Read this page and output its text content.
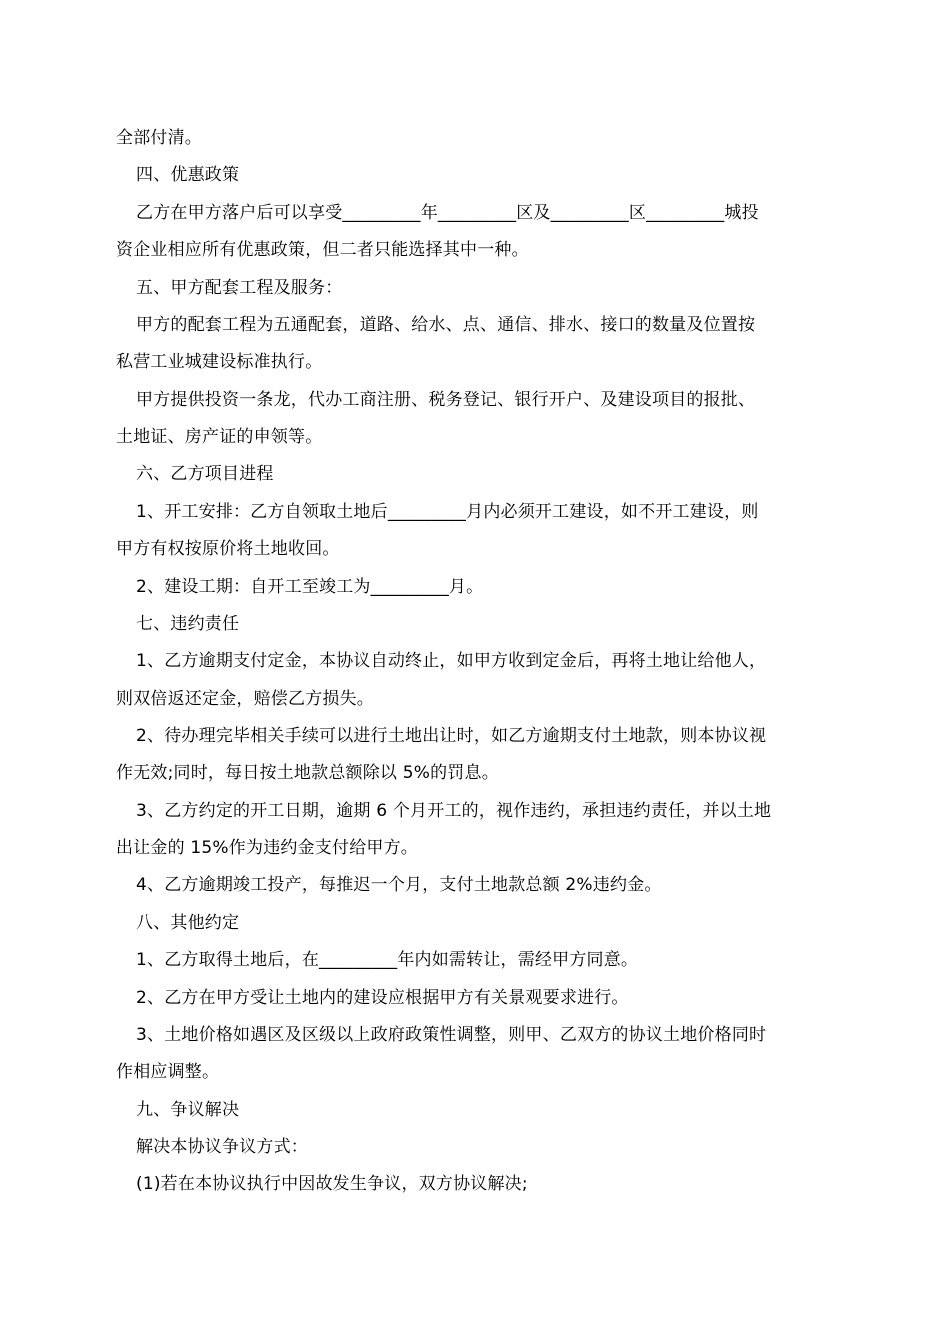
全部付清。
四、优惠政策
乙方在甲方落户后可以享受_________年_________区及_________区_________城投
资企业相应所有优惠政策，但二者只能选择其中一种。
五、甲方配套工程及服务：
甲方的配套工程为五通配套，道路、给水、点、通信、排水、接口的数量及位置按
私营工业城建设标准执行。
甲方提供投资一条龙，代办工商注册、税务登记、银行开户、及建设项目的报批、
土地证、房产证的申领等。
六、乙方项目进程
1、开工安排：乙方自领取土地后_________月内必须开工建设，如不开工建设，则
甲方有权按原价将土地收回。
2、建设工期：自开工至竣工为_________月。
七、违约责任
1、乙方逾期支付定金，本协议自动终止，如甲方收到定金后，再将土地让给他人，
则双倍返还定金，赔偿乙方损失。
2、待办理完毕相关手续可以进行土地出让时，如乙方逾期支付土地款，则本协议视
作无效;同时，每日按土地款总额除以 5%的罚息。
3、乙方约定的开工日期，逾期 6 个月开工的，视作违约，承担违约责任，并以土地
出让金的 15%作为违约金支付给甲方。
4、乙方逾期竣工投产，每推迟一个月，支付土地款总额 2%违约金。
八、其他约定
1、乙方取得土地后，在_________年内如需转让，需经甲方同意。
2、乙方在甲方受让土地内的建设应根据甲方有关景观要求进行。
3、土地价格如遇区及区级以上政府政策性调整，则甲、乙双方的协议土地价格同时
作相应调整。
九、争议解决
解决本协议争议方式：
(1)若在本协议执行中因故发生争议，双方协议解决;
